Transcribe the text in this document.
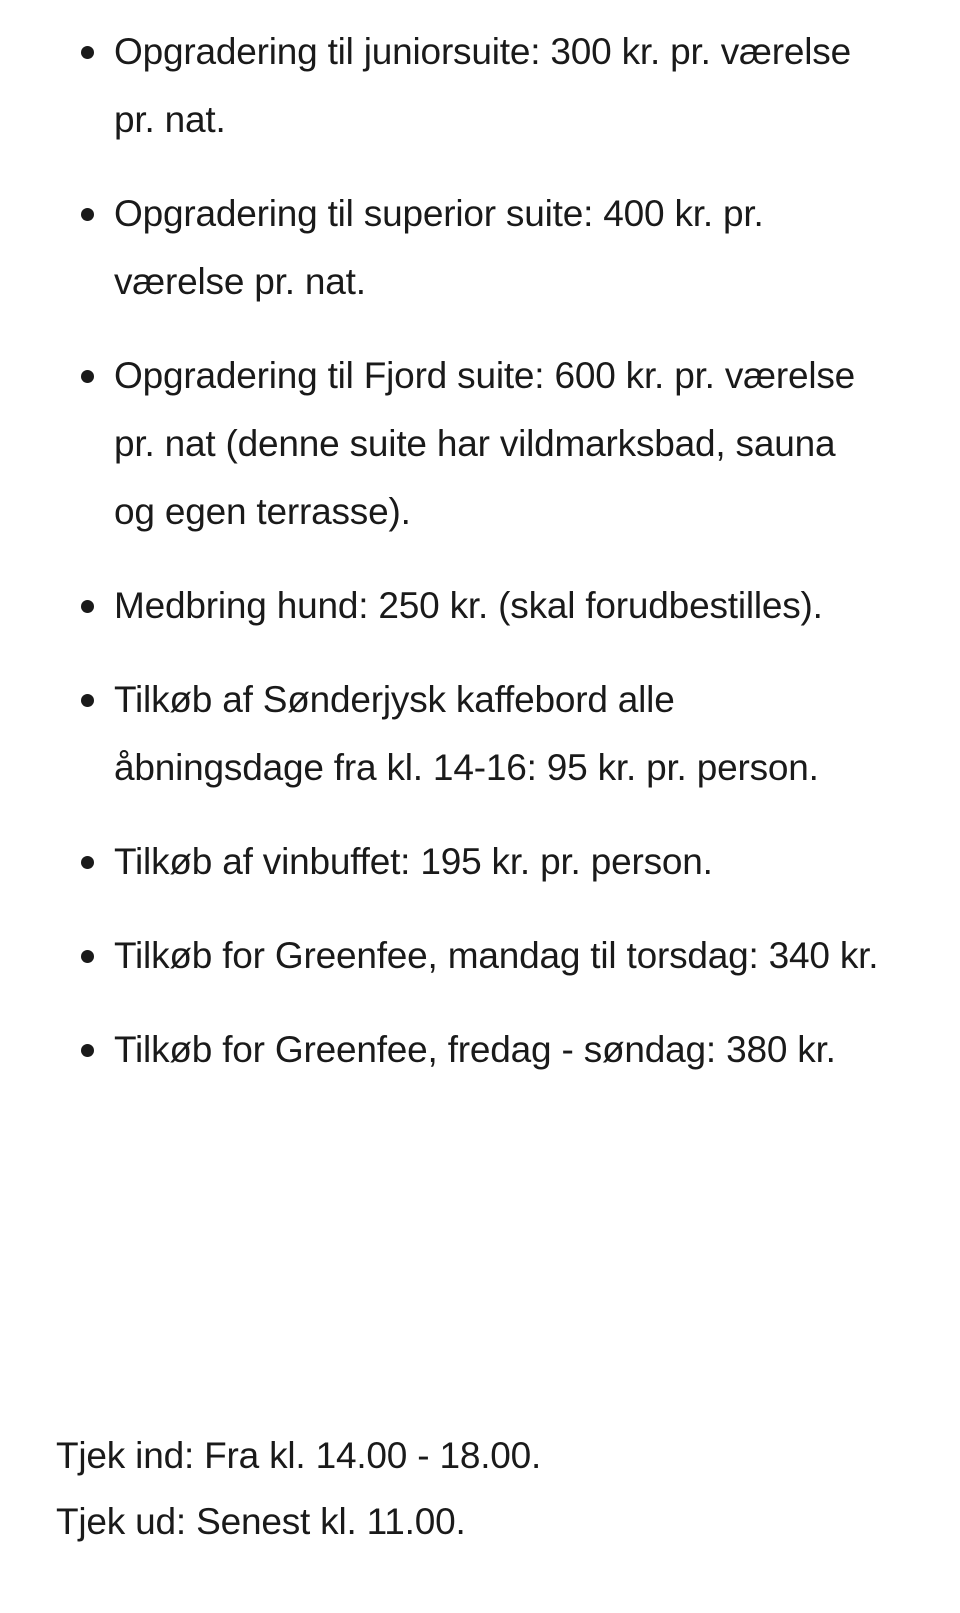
Opgradering til juniorsuite: 300 kr. pr. værelse pr. nat.
Opgradering til superior suite: 400 kr. pr. værelse pr. nat.
Opgradering til Fjord suite: 600 kr. pr. værelse pr. nat (denne suite har vildmarksbad, sauna og egen terrasse).
Medbring hund: 250 kr. (skal forudbestilles).
Tilkøb af Sønderjysk kaffebord alle åbningsdage fra kl. 14-16: 95 kr. pr. person.
Tilkøb af vinbuffet: 195 kr. pr. person.
Tilkøb for Greenfee, mandag til torsdag: 340 kr.
Tilkøb for Greenfee, fredag - søndag: 380 kr.
Tjek ind: Fra kl. 14.00 - 18.00.
Tjek ud: Senest kl. 11.00.
